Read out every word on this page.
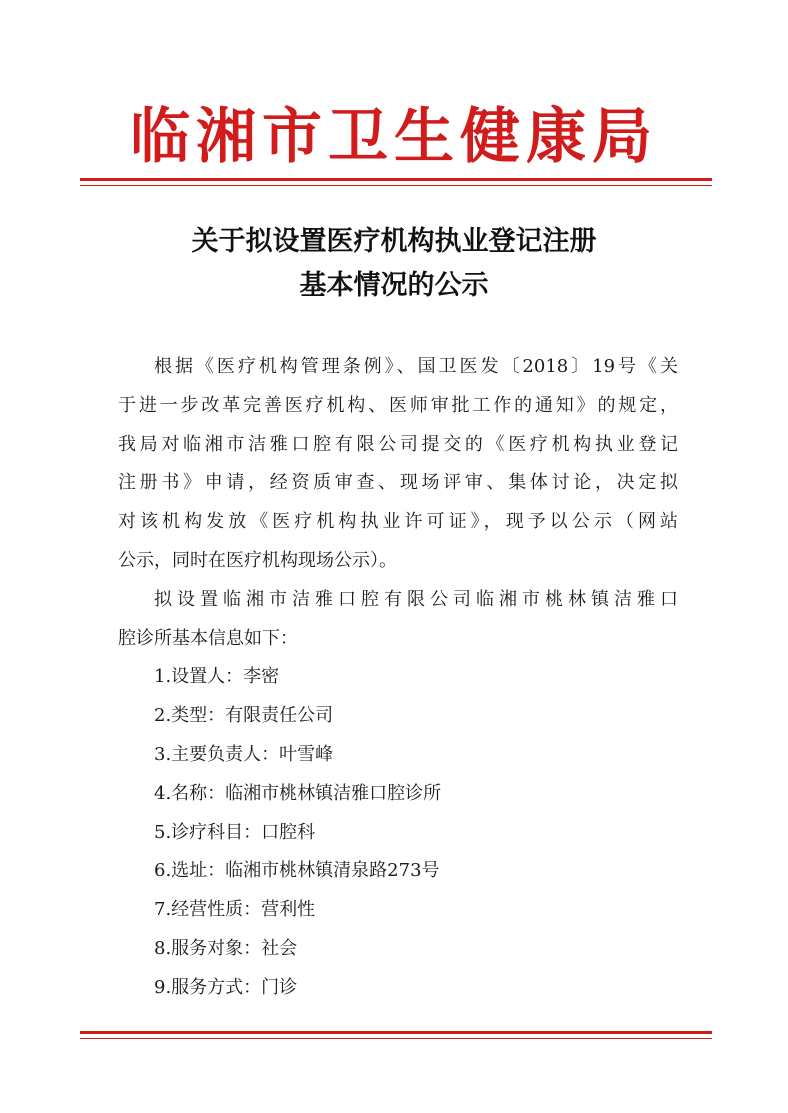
临湘市卫生健康局
关于拟设置医疗机构执业登记注册
基本情况的公示
根据《医疗机构管理条例》、国卫医发〔2018〕19号《关
于进一步改革完善医疗机构、医师审批工作的通知》的规定，
我局对临湘市洁雅口腔有限公司提交的《医疗机构执业登记
注册书》申请，经资质审查、现场评审、集体讨论，决定拟
对该机构发放《医疗机构执业许可证》，现予以公示（网站
公示，同时在医疗机构现场公示）。
拟设置临湘市洁雅口腔有限公司临湘市桃林镇洁雅口
腔诊所基本信息如下：
1.设置人：李密
2.类型：有限责任公司
3.主要负责人：叶雪峰
4.名称：临湘市桃林镇洁雅口腔诊所
5.诊疗科目：口腔科
6.选址：临湘市桃林镇清泉路273号
7.经营性质：营利性
8.服务对象：社会
9.服务方式：门诊
